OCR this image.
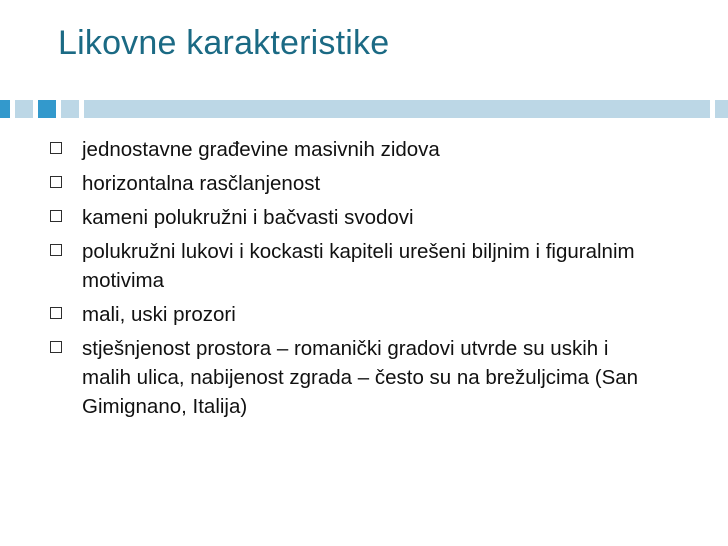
Likovne karakteristike
jednostavne građevine masivnih zidova
horizontalna rasčlanjenost
kameni polukružni i bačvasti svodovi
polukružni lukovi i kockasti kapiteli urešeni biljnim i figuralnim motivima
mali, uski prozori
stješnjenost prostora – romanički gradovi utvrde su uskih i malih ulica, nabijenost zgrada – često su na brežuljcima (San Gimignano, Italija)
